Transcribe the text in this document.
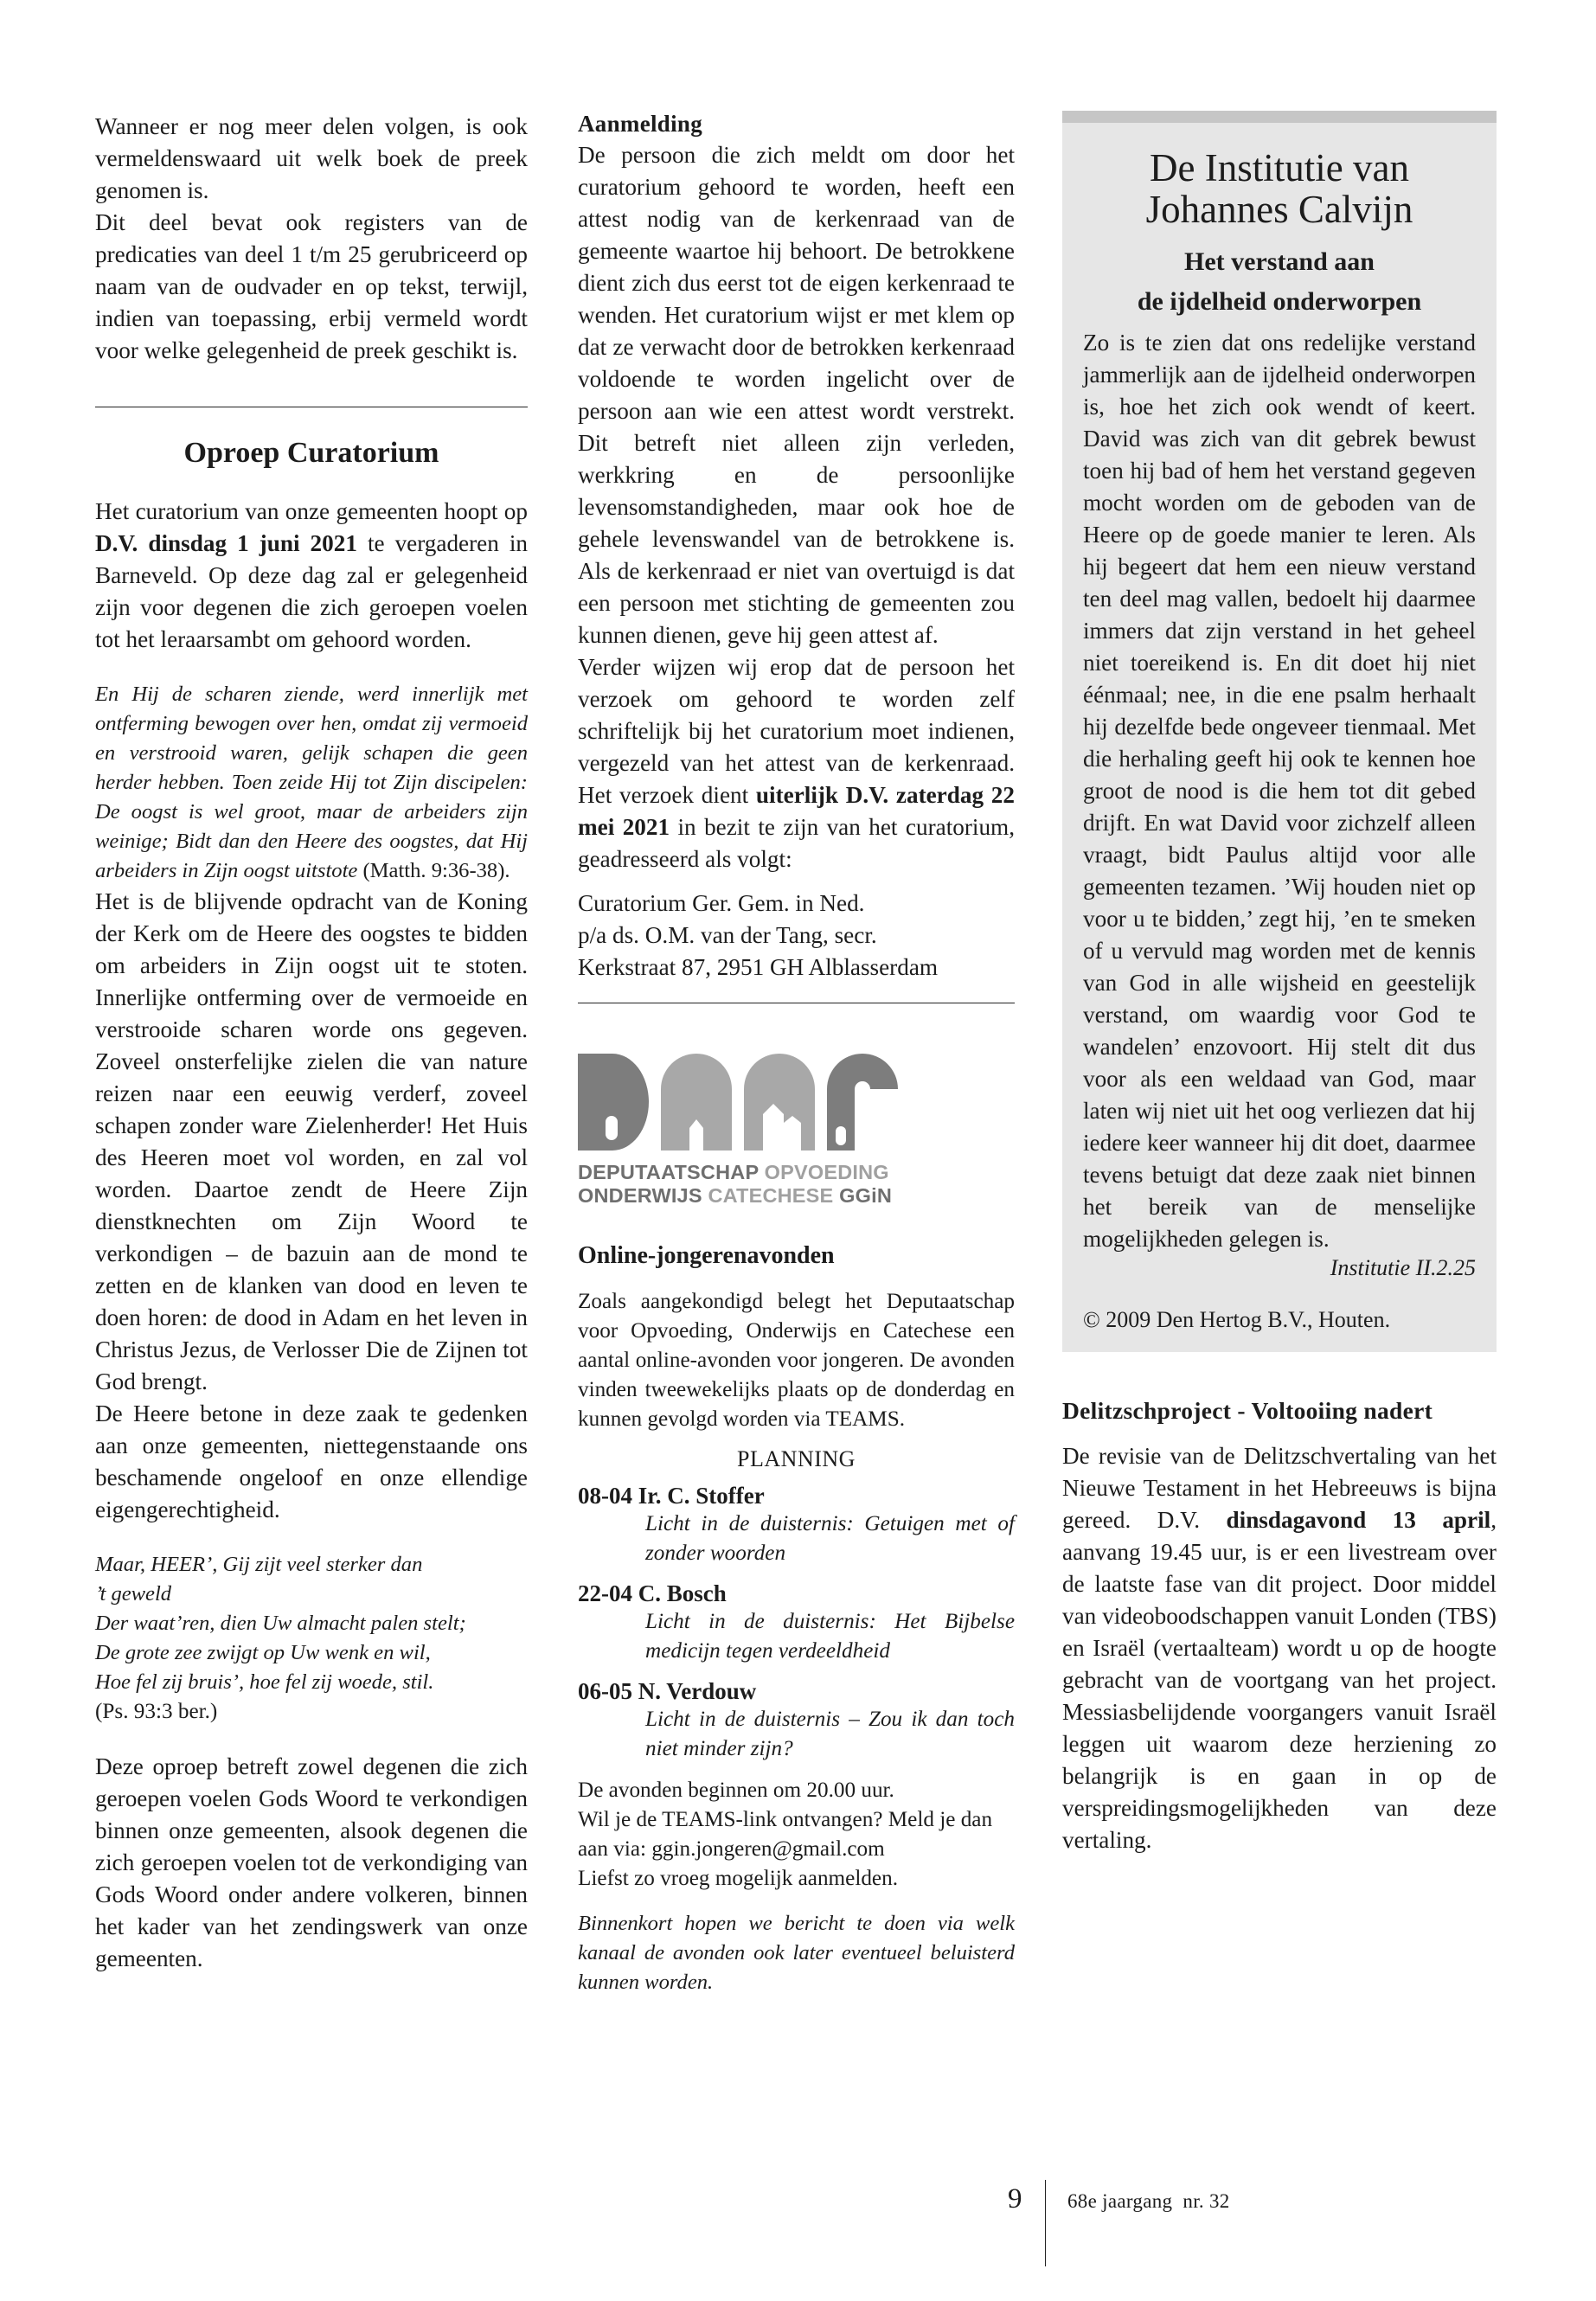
Wanneer er nog meer delen volgen, is ook vermeldenswaard uit welk boek de preek genomen is.

Dit deel bevat ook registers van de predicaties van deel 1 t/m 25 gerubriceerd op naam van de oudvader en op tekst, terwijl, indien van toepassing, erbij vermeld wordt voor welke gelegenheid de preek geschikt is.

Oproep Curatorium

Het curatorium van onze gemeenten hoopt op D.V. dinsdag 1 juni 2021 te vergaderen in Barneveld. Op deze dag zal er gelegenheid zijn voor degenen die zich geroepen voelen tot het leraarsambt om gehoord worden.

En Hij de scharen ziende, werd innerlijk met ontferming bewogen over hen, omdat zij vermoeid en verstrooid waren, gelijk schapen die geen herder hebben. Toen zeide Hij tot Zijn discipelen: De oogst is wel groot, maar de arbeiders zijn weinige; Bidt dan den Heere des oogstes, dat Hij arbeiders in Zijn oogst uitstote (Matth. 9:36-38).

Het is de blijvende opdracht van de Koning der Kerk om de Heere des oogstes te bidden om arbeiders in Zijn oogst uit te stoten. Innerlijke ontferming over de vermoeide en verstrooide scharen worde ons gegeven. Zoveel onsterfelijke zielen die van nature reizen naar een eeuwig verderf, zoveel schapen zonder ware Zielenherder! Het Huis des Heeren moet vol worden, en zal vol worden. Daartoe zendt de Heere Zijn dienstknechten om Zijn Woord te verkondigen – de bazuin aan de mond te zetten en de klanken van dood en leven te doen horen: de dood in Adam en het leven in Christus Jezus, de Verlosser Die de Zijnen tot God brengt.

De Heere betone in deze zaak te gedenken aan onze gemeenten, niettegenstaande ons beschamende ongeloof en onze ellendige eigengerechtigheid.

Maar, HEER’, Gij zijt veel sterker dan
’t geweld
Der waat’ren, dien Uw almacht palen stelt;
De grote zee zwijgt op Uw wenk en wil,
Hoe fel zij bruis’, hoe fel zij woede, stil.
(Ps. 93:3 ber.)

Deze oproep betreft zowel degenen die zich geroepen voelen Gods Woord te verkondigen binnen onze gemeenten, alsook degenen die zich geroepen voelen tot de verkondiging van Gods Woord onder andere volkeren, binnen het kader van het zendingswerk van onze gemeenten.

Aanmelding

De persoon die zich meldt om door het curatorium gehoord te worden, heeft een attest nodig van de kerkenraad van de gemeente waartoe hij behoort. De betrokkene dient zich dus eerst tot de eigen kerkenraad te wenden. Het curatorium wijst er met klem op dat ze verwacht door de betrokken kerkenraad voldoende te worden ingelicht over de persoon aan wie een attest wordt verstrekt. Dit betreft niet alleen zijn verleden, werkkring en de persoonlijke levensomstandigheden, maar ook hoe de gehele levenswandel van de betrokkene is. Als de kerkenraad er niet van overtuigd is dat een persoon met stichting de gemeenten zou kunnen dienen, geve hij geen attest af.

Verder wijzen wij erop dat de persoon het verzoek om gehoord te worden zelf schriftelijk bij het curatorium moet indienen, vergezeld van het attest van de kerkenraad. Het verzoek dient uiterlijk D.V. zaterdag 22 mei 2021 in bezit te zijn van het curatorium, geadresseerd als volgt:

Curatorium Ger. Gem. in Ned.
p/a ds. O.M. van der Tang, secr.
Kerkstraat 87, 2951 GH Alblasserdam
DEPUTAATSCHAP OPVOEDING
ONDERWIJS CATECHESE GGiN
Online-jongerenavonden

Zoals aangekondigd belegt het Deputaatschap voor Opvoeding, Onderwijs en Catechese een aantal online-avonden voor jongeren. De avonden vinden tweewekelijks plaats op de donderdag en kunnen gevolgd worden via TEAMS.

PLANNING

08-04 Ir. C. Stoffer

Licht in de duisternis: Getuigen met of zonder woorden

22-04 C. Bosch

Licht in de duisternis: Het Bijbelse medicijn tegen verdeeldheid

06-05 N. Verdouw

Licht in de duisternis – Zou ik dan toch niet minder zijn?

De avonden beginnen om 20.00 uur.

Wil je de TEAMS-link ontvangen? Meld je dan aan via: ggin.jongeren@gmail.com

Liefst zo vroeg mogelijk aanmelden.

Binnenkort hopen we bericht te doen via welk kanaal de avonden ook later eventueel beluisterd kunnen worden.

De Institutie van Johannes Calvijn
Het verstand aan
de ijdelheid onderworpen

Zo is te zien dat ons redelijke verstand jammerlijk aan de ijdelheid onderworpen is, hoe het zich ook wendt of keert. David was zich van dit gebrek bewust toen hij bad of hem het verstand gegeven mocht worden om de geboden van de Heere op de goede manier te leren. Als hij begeert dat hem een nieuw verstand ten deel mag vallen, bedoelt hij daarmee immers dat zijn verstand in het geheel niet toereikend is. En dit doet hij niet éénmaal; nee, in die ene psalm herhaalt hij dezelfde bede ongeveer tienmaal. Met die herhaling geeft hij ook te kennen hoe groot de nood is die hem tot dit gebed drijft. En wat David voor zichzelf alleen vraagt, bidt Paulus altijd voor alle gemeenten tezamen. ’Wij houden niet op voor u te bidden,’ zegt hij, ’en te smeken of u vervuld mag worden met de kennis van God in alle wijsheid en geestelijk verstand, om waardig voor God te wandelen’ enzovoort. Hij stelt dit dus voor als een weldaad van God, maar laten wij niet uit het oog verliezen dat hij iedere keer wanneer hij dit doet, daarmee tevens betuigt dat deze zaak niet binnen het bereik van de menselijke mogelijkheden gelegen is.

Institutie II.2.25

© 2009 Den Hertog B.V., Houten.

Delitzschproject - Voltooiing nadert

De revisie van de Delitzschvertaling van het Nieuwe Testament in het Hebreeuws is bijna gereed. D.V. dinsdagavond 13 april, aanvang 19.45 uur, is er een livestream over de laatste fase van dit project. Door middel van videoboodschappen vanuit Londen (TBS) en Israël (vertaalteam) wordt u op de hoogte gebracht van de voortgang van het project. Messiasbelijdende voorgangers vanuit Israël leggen uit waarom deze herziening zo belangrijk is en gaan in op de verspreidingsmogelijkheden van deze vertaling.

9 68e jaargang  nr. 32
